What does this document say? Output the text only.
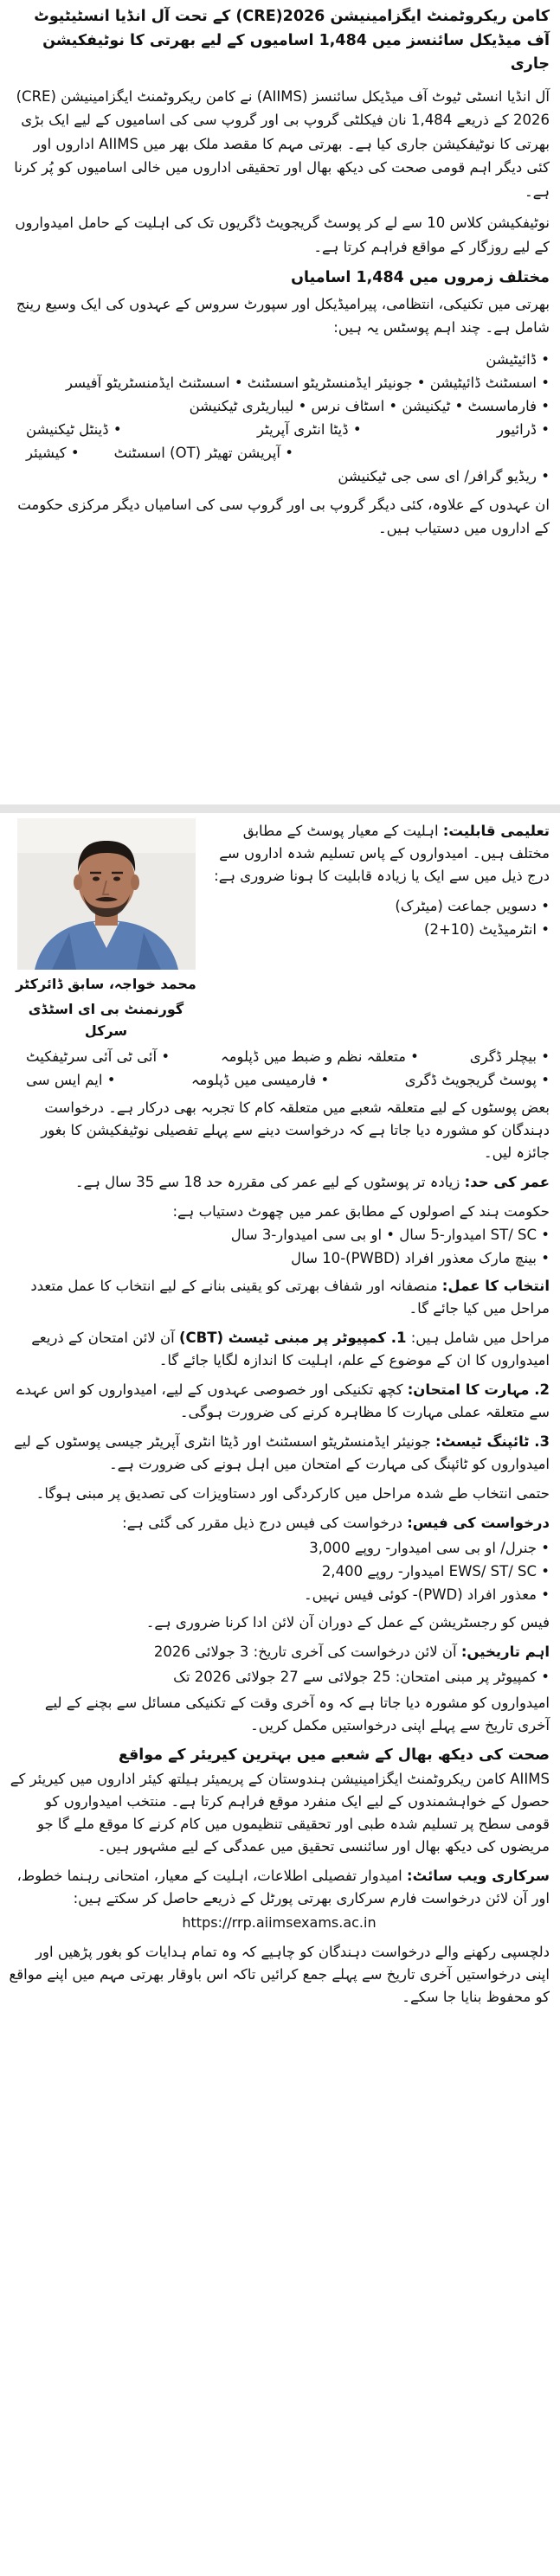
کامن ریکروٹمنٹ ایگزامینیشن 2026(CRE) کے تحت آل انڈیا انسٹیٹیوٹ آف میڈیکل سائنسز میں 1,484 اسامیوں کے لیے بھرتی کا نوٹیفکیشن جاری

آل انڈیا انسٹی ٹیوٹ آف میڈیکل سائنسز (AIIMS) نے کامن ریکروٹمنٹ ایگزامینیشن (CRE) 2026 کے ذریعے 1,484 نان فیکلٹی گروپ بی اور گروپ سی کی اسامیوں کے لیے ایک بڑی بھرتی کا نوٹیفکیشن جاری کیا ہے۔ بھرتی مہم کا مقصد ملک بھر میں AIIMS اداروں اور کئی دیگر اہم قومی صحت کی دیکھ بھال اور تحقیقی اداروں میں خالی اسامیوں کو پُر کرنا ہے۔

نوٹیفکیشن کلاس 10 سے لے کر پوسٹ گریجویٹ ڈگریوں تک کی اہلیت کے حامل امیدواروں کے لیے روزگار کے مواقع فراہم کرتا ہے۔

مختلف زمروں میں 1,484 اسامیاں

بھرتی میں تکنیکی، انتظامی، پیرامیڈیکل اور سپورٹ سروس کے عہدوں کی ایک وسیع رینج شامل ہے۔ چند اہم پوسٹس یہ ہیں:

• ڈائیٹیشن
• اسسٹنٹ ڈائیٹیشن • جونیئر ایڈمنسٹریٹو اسسٹنٹ • اسسٹنٹ ایڈمنسٹریٹو آفیسر
• فارماسسٹ • ٹیکنیشن • اسٹاف نرس • لیباریٹری ٹیکنیشن
• ڈینٹل ٹیکنیشن	• ڈیٹا انٹری آپریٹر	• ڈرائیور
• کیشیئر • آپریشن تھیٹر (OT) اسسٹنٹ
• ریڈیو گرافر/ ای سی جی ٹیکنیشن

ان عہدوں کے علاوہ، کئی دیگر گروپ بی اور گروپ سی کی اسامیاں دیگر مرکزی حکومت کے اداروں میں دستیاب ہیں۔

محمد خواجہ، سابق ڈائرکٹر
گورنمنٹ بی ای اسٹڈی سرکل

تعلیمی قابلیت: اہلیت کے معیار پوسٹ کے مطابق مختلف ہیں۔ امیدواروں کے پاس تسلیم شدہ اداروں سے درج ذیل میں سے ایک یا زیادہ قابلیت کا ہونا ضروری ہے:

• دسویں جماعت (میٹرک)
• انٹرمیڈیٹ (10+2)
• آئی ٹی آئی سرٹیفکیٹ	• متعلقہ نظم و ضبط میں ڈپلومہ	• بیچلر ڈگری
• ایم ایس سی	• فارمیسی میں ڈپلومہ	• پوسٹ گریجویٹ ڈگری

بعض پوسٹوں کے لیے متعلقہ شعبے میں متعلقہ کام کا تجربہ بھی درکار ہے۔ درخواست دہندگان کو مشورہ دیا جاتا ہے کہ درخواست دینے سے پہلے تفصیلی نوٹیفکیشن کا بغور جائزہ لیں۔

عمر کی حد: زیادہ تر پوسٹوں کے لیے عمر کی مقررہ حد 18 سے 35 سال ہے۔

حکومت ہند کے اصولوں کے مطابق عمر میں چھوٹ دستیاب ہے:

• ST/ SC امیدوار-5 سال • او بی سی امیدوار-3 سال
• بینچ مارک معذور افراد (PWBD)-10 سال

انتخاب کا عمل: منصفانہ اور شفاف بھرتی کو یقینی بنانے کے لیے انتخاب کا عمل متعدد مراحل میں کیا جائے گا۔

مراحل میں شامل ہیں: 1. کمپیوٹر پر مبنی ٹیسٹ (CBT) آن لائن امتحان کے ذریعے امیدواروں کا ان کے موضوع کے علم، اہلیت کا اندازہ لگایا جائے گا۔

2. مہارت کا امتحان: کچھ تکنیکی اور خصوصی عہدوں کے لیے، امیدواروں کو اس عہدے سے متعلقہ عملی مہارت کا مظاہرہ کرنے کی ضرورت ہوگی۔

3. ٹائپنگ ٹیسٹ: جونیئر ایڈمنسٹریٹو اسسٹنٹ اور ڈیٹا انٹری آپریٹر جیسی پوسٹوں کے لیے امیدواروں کو ٹائپنگ کی مہارت کے امتحان میں اہل ہونے کی ضرورت ہے۔

حتمی انتخاب طے شدہ مراحل میں کارکردگی اور دستاویزات کی تصدیق پر مبنی ہوگا۔

درخواست کی فیس: درخواست کی فیس درج ذیل مقرر کی گئی ہے:

• جنرل/ او بی سی امیدوار- روپے 3,000
• EWS/ ST/ SC امیدوار- روپے 2,400
• معذور افراد (PWD)- کوئی فیس نہیں۔

فیس کو رجسٹریشن کے عمل کے دوران آن لائن ادا کرنا ضروری ہے۔

اہم تاریخیں: آن لائن درخواست کی آخری تاریخ: 3 جولائی 2026

• کمپیوٹر پر مبنی امتحان: 25 جولائی سے 27 جولائی 2026 تک

امیدواروں کو مشورہ دیا جاتا ہے کہ وہ آخری وقت کے تکنیکی مسائل سے بچنے کے لیے آخری تاریخ سے پہلے اپنی درخواستیں مکمل کریں۔

صحت کی دیکھ بھال کے شعبے میں بہترین کیریئر کے مواقع

AIIMS کامن ریکروٹمنٹ ایگزامینیشن ہندوستان کے پریمیئر ہیلتھ کیئر اداروں میں کیریئر کے حصول کے خواہشمندوں کے لیے ایک منفرد موقع فراہم کرتا ہے۔ منتخب امیدواروں کو قومی سطح پر تسلیم شدہ طبی اور تحقیقی تنظیموں میں کام کرنے کا موقع ملے گا جو مریضوں کی دیکھ بھال اور سائنسی تحقیق میں عمدگی کے لیے مشہور ہیں۔

سرکاری ویب سائٹ: امیدوار تفصیلی اطلاعات، اہلیت کے معیار، امتحانی رہنما خطوط، اور آن لائن درخواست فارم سرکاری بھرتی پورٹل کے ذریعے حاصل کر سکتے ہیں:

https://rrp.aiimsexams.ac.in

دلچسپی رکھنے والے درخواست دہندگان کو چاہیے کہ وہ تمام ہدایات کو بغور پڑھیں اور اپنی درخواستیں آخری تاریخ سے پہلے جمع کرائیں تاکہ اس باوقار بھرتی مہم میں اپنے مواقع کو محفوظ بنایا جا سکے۔
